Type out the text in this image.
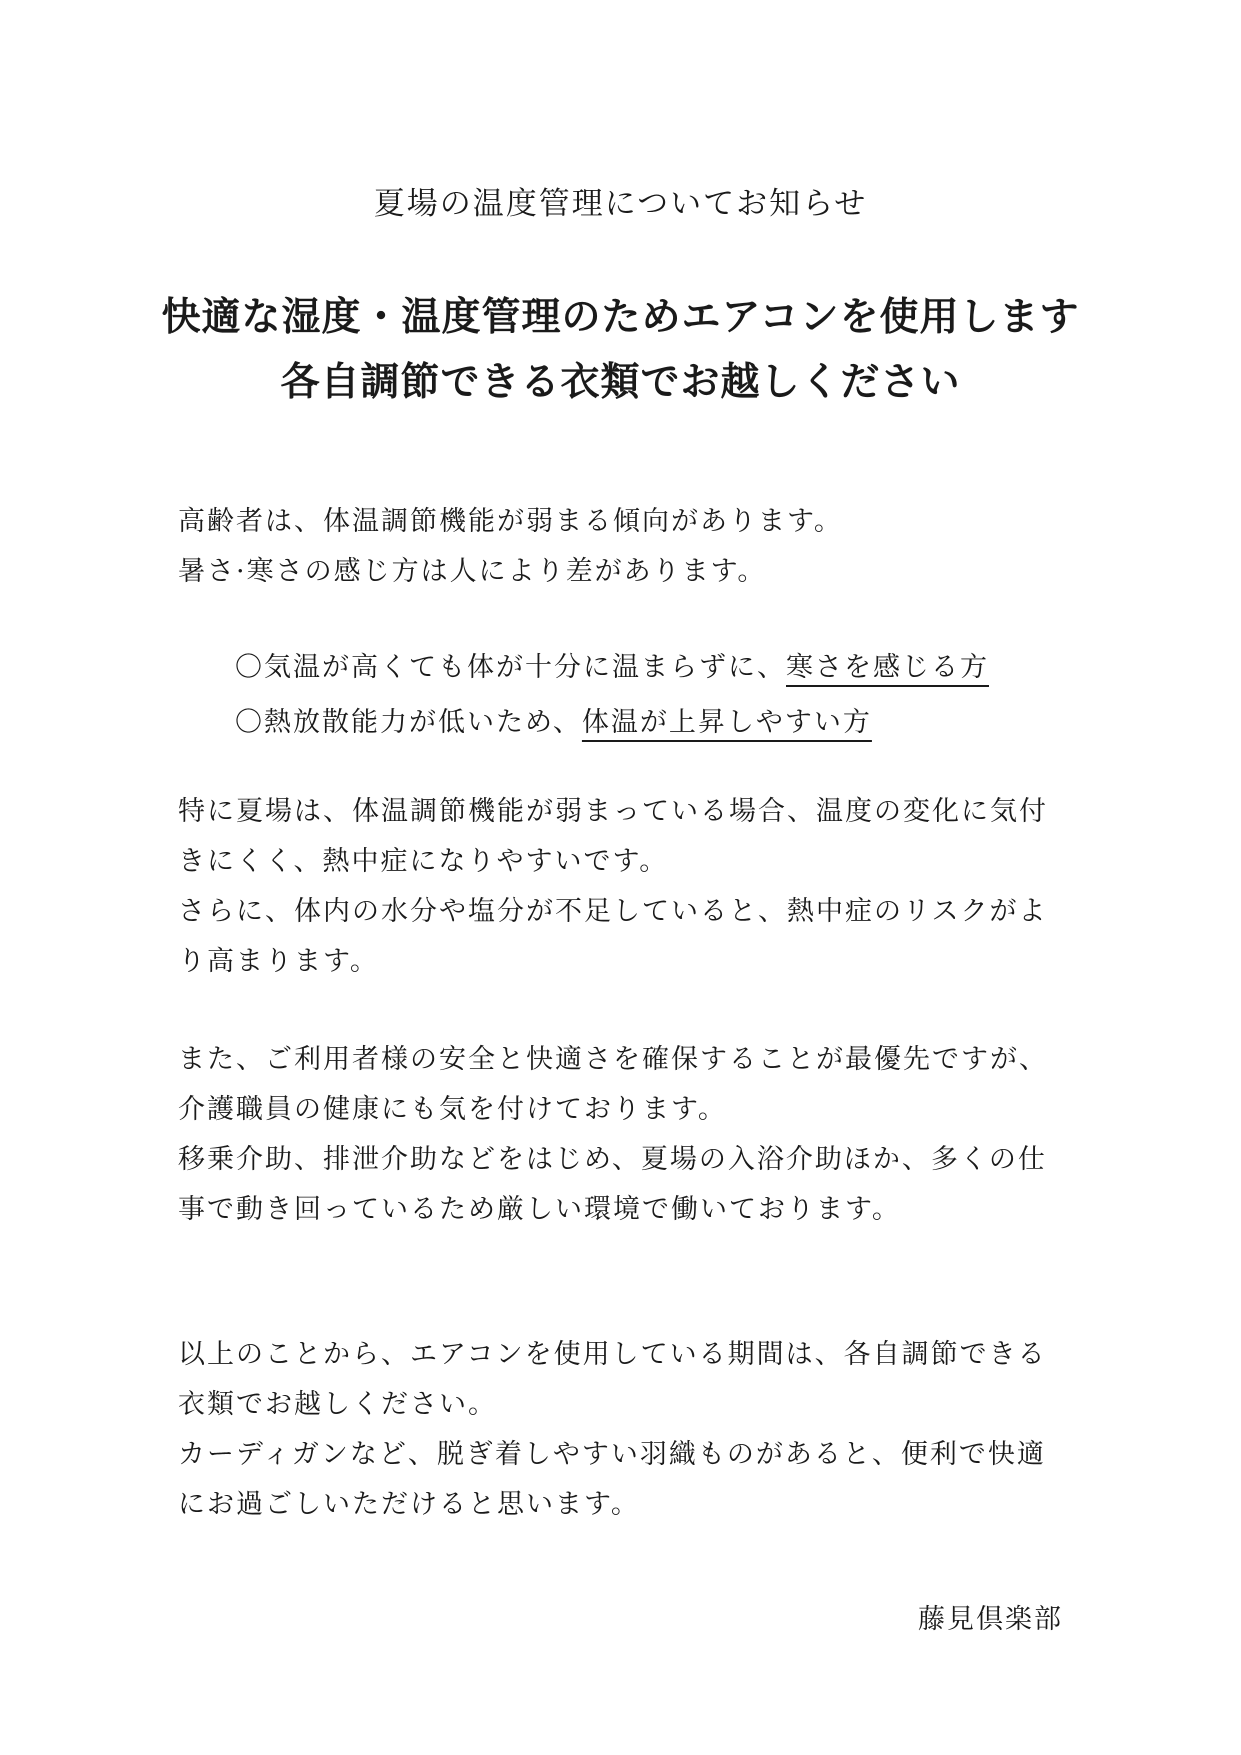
夏場の温度管理についてお知らせ
快適な湿度・温度管理のためエアコンを使用します
各自調節できる衣類でお越しください
高齢者は、体温調節機能が弱まる傾向があります。
暑さ·寒さの感じ方は人により差があります。
〇気温が高くても体が十分に温まらずに、寒さを感じる方
〇熱放散能力が低いため、体温が上昇しやすい方
特に夏場は、体温調節機能が弱まっている場合、温度の変化に気付
きにくく、熱中症になりやすいです。
さらに、体内の水分や塩分が不足していると、熱中症のリスクがよ
り高まります。
また、ご利用者様の安全と快適さを確保することが最優先ですが、
介護職員の健康にも気を付けております。
移乗介助、排泄介助などをはじめ、夏場の入浴介助ほか、多くの仕
事で動き回っているため厳しい環境で働いております。
以上のことから、エアコンを使用している期間は、各自調節できる
衣類でお越しください。
カーディガンなど、脱ぎ着しやすい羽織ものがあると、便利で快適
にお過ごしいただけると思います。
藤見倶楽部
